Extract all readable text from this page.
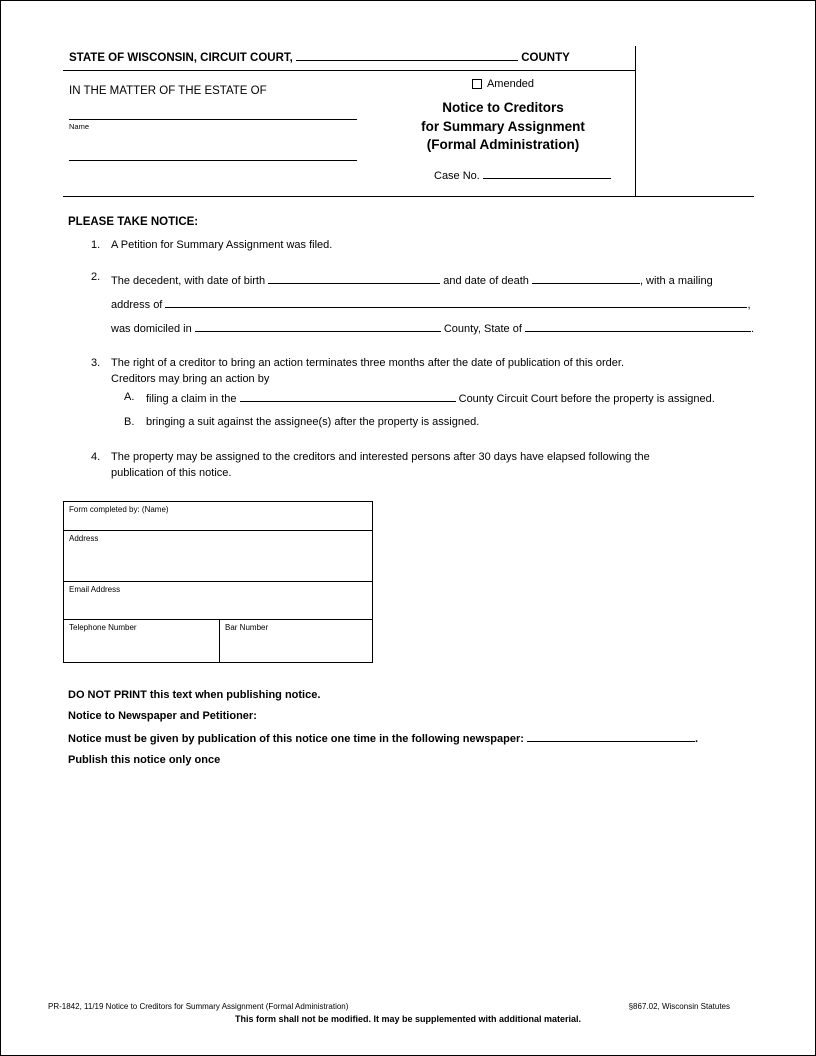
STATE OF WISCONSIN, CIRCUIT COURT,	COUNTY
IN THE MATTER OF THE ESTATE OF
Name
Amended
Notice to Creditors
for Summary Assignment
(Formal Administration)
Case No.
PLEASE TAKE NOTICE:
1. A Petition for Summary Assignment was filed.
2. The decedent, with date of birth	and date of death	, with a mailing
address of	,
was domiciled in	County, State of	.
3. The right of a creditor to bring an action terminates three months after the date of publication of this order.
Creditors may bring an action by
A.	filing a claim in the	County Circuit Court before the property is assigned.
B.	bringing a suit against the assignee(s) after the property is assigned.
4. The property may be assigned to the creditors and interested persons after 30 days have elapsed following the
publication of this notice.
Form completed by: (Name)
Address
Email Address
Telephone Number	Bar Number
DO NOT PRINT this text when publishing notice.
Notice to Newspaper and Petitioner:
Notice must be given by publication of this notice one time in the following newspaper:	.
Publish this notice only once
PR-1842, 11/19 Notice to Creditors for Summary Assignment (Formal Administration)	§867.02, Wisconsin Statutes
This form shall not be modified. It may be supplemented with additional material.
